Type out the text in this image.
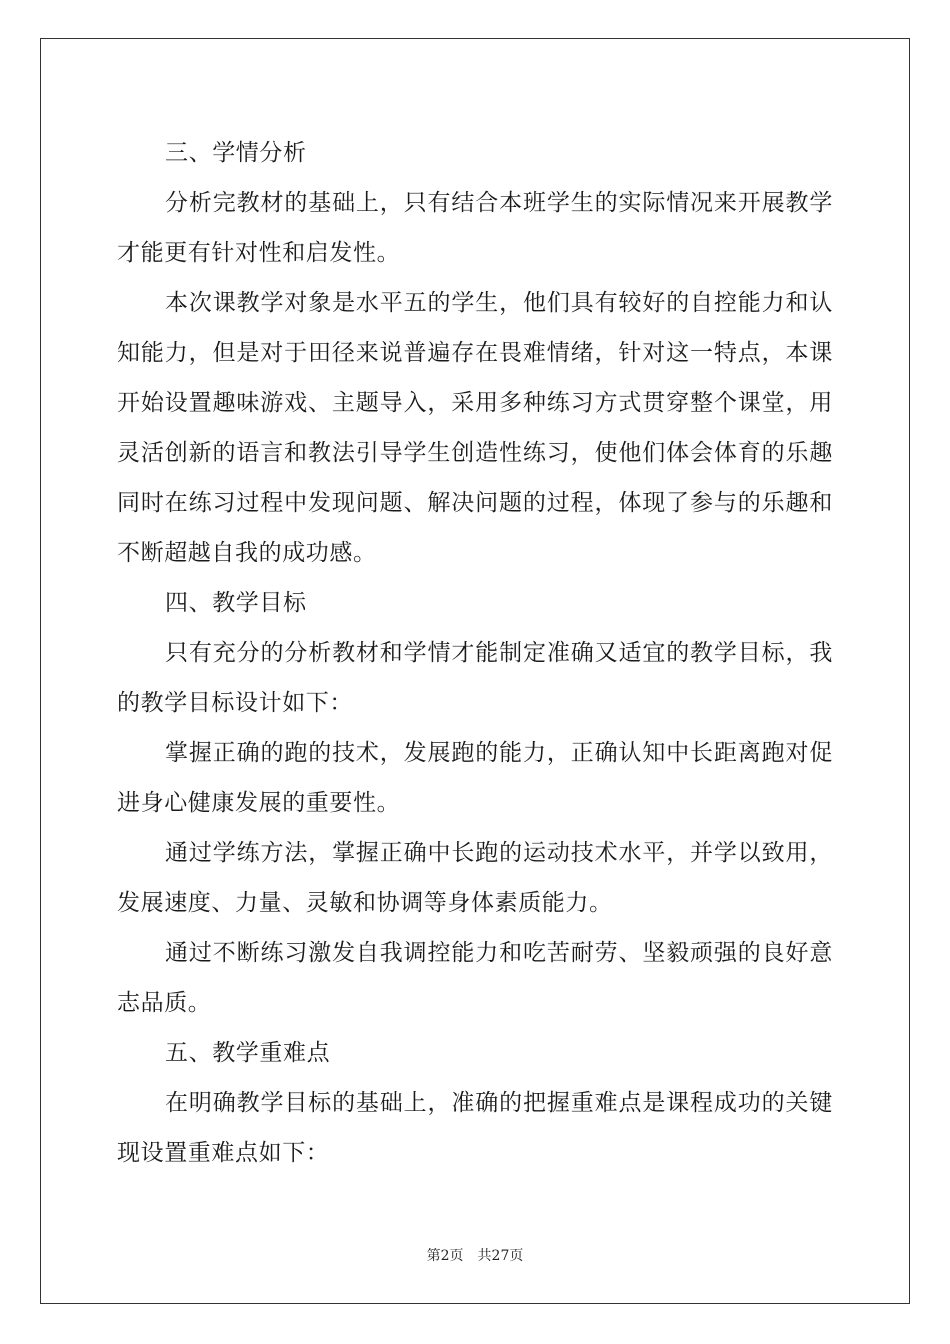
三、学情分析

分析完教材的基础上，只有结合本班学生的实际情况来开展教学才能更有针对性和启发性。

本次课教学对象是水平五的学生，他们具有较好的自控能力和认知能力，但是对于田径来说普遍存在畏难情绪，针对这一特点，本课开始设置趣味游戏、主题导入，采用多种练习方式贯穿整个课堂，用灵活创新的语言和教法引导学生创造性练习，使他们体会体育的乐趣同时在练习过程中发现问题、解决问题的过程，体现了参与的乐趣和不断超越自我的成功感。

四、教学目标

只有充分的分析教材和学情才能制定准确又适宜的教学目标，我的教学目标设计如下：

掌握正确的跑的技术，发展跑的能力，正确认知中长距离跑对促进身心健康发展的重要性。

通过学练方法，掌握正确中长跑的运动技术水平，并学以致用，发展速度、力量、灵敏和协调等身体素质能力。

通过不断练习激发自我调控能力和吃苦耐劳、坚毅顽强的良好意志品质。

五、教学重难点

在明确教学目标的基础上，准确的把握重难点是课程成功的关键现设置重难点如下：

第2页 共27页
